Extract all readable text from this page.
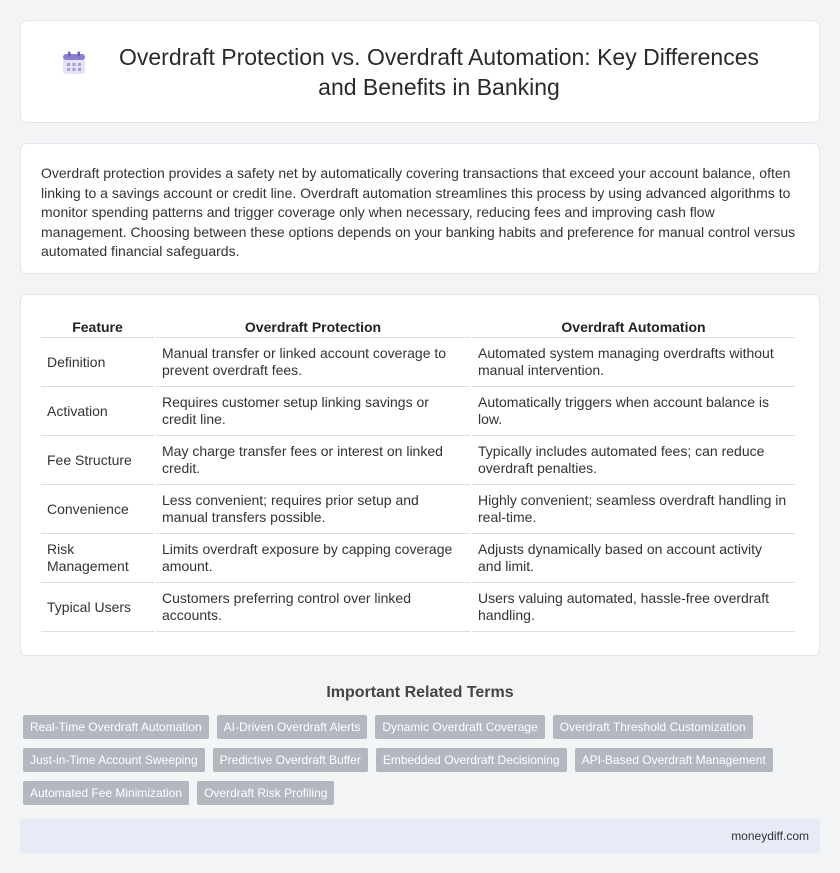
Overdraft Protection vs. Overdraft Automation: Key Differences and Benefits in Banking

Overdraft protection provides a safety net by automatically covering transactions that exceed your account balance, often linking to a savings account or credit line. Overdraft automation streamlines this process by using advanced algorithms to monitor spending patterns and trigger coverage only when necessary, reducing fees and improving cash flow management. Choosing between these options depends on your banking habits and preference for manual control versus automated financial safeguards.

Feature	Overdraft Protection	Overdraft Automation
Definition	Manual transfer or linked account coverage to prevent overdraft fees.	Automated system managing overdrafts without manual intervention.
Activation	Requires customer setup linking savings or credit line.	Automatically triggers when account balance is low.
Fee Structure	May charge transfer fees or interest on linked credit.	Typically includes automated fees; can reduce overdraft penalties.
Convenience	Less convenient; requires prior setup and manual transfers possible.	Highly convenient; seamless overdraft handling in real-time.
Risk Management	Limits overdraft exposure by capping coverage amount.	Adjusts dynamically based on account activity and limit.
Typical Users	Customers preferring control over linked accounts.	Users valuing automated, hassle-free overdraft handling.
Important Related Terms
Real-Time Overdraft Automation	AI-Driven Overdraft Alerts	Dynamic Overdraft Coverage	Overdraft Threshold Customization
Just-in-Time Account Sweeping	Predictive Overdraft Buffer	Embedded Overdraft Decisioning	API-Based Overdraft Management
Automated Fee Minimization	Overdraft Risk Profiling
moneydiff.com
